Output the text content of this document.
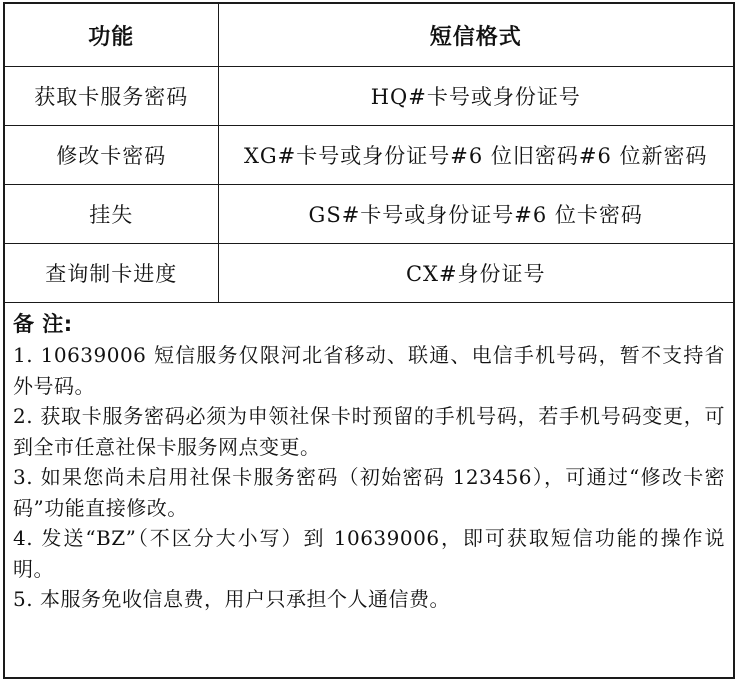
功能	短信格式
获取卡服务密码	HQ#卡号或身份证号
修改卡密码	XG#卡号或身份证号#6 位旧密码#6 位新密码
挂失	GS#卡号或身份证号#6 位卡密码
查询制卡进度	CX#身份证号
备 注:
1. 10639006 短信服务仅限河北省移动、联通、电信手机号码，暂不支持省外号码。
2. 获取卡服务密码必须为申领社保卡时预留的手机号码，若手机号码变更，可到全市任意社保卡服务网点变更。
3. 如果您尚未启用社保卡服务密码（初始密码 123456），可通过“修改卡密码”功能直接修改。
4. 发送“BZ”（不区分大小写）到 10639006，即可获取短信功能的操作说明。
5. 本服务免收信息费，用户只承担个人通信费。
